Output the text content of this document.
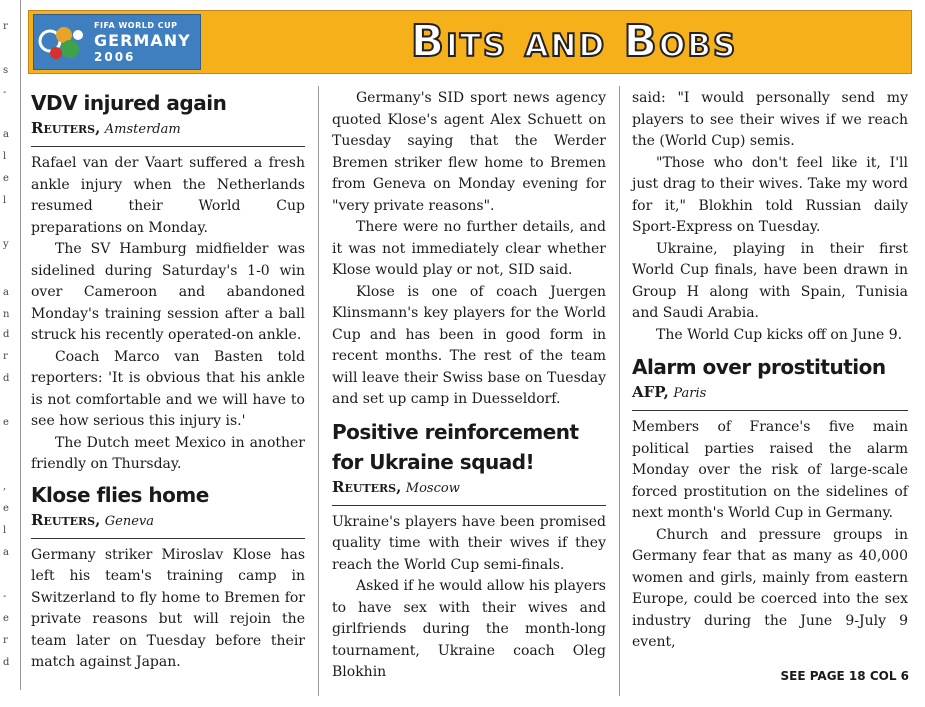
r
s
-
a
l
e
l
y
a
n
d
r
d
e
,
e
l
a
-
e
r
d
FIFA WORLD CUP
GERMANY
2006	Bits and Bobs
VDV injured again
Reuters, Amsterdam

Rafael van der Vaart suffered a fresh ankle injury when the Netherlands resumed their World Cup preparations on Monday.

The SV Hamburg midfielder was sidelined during Saturday's 1-0 win over Cameroon and abandoned Monday's training session after a ball struck his recently operated-on ankle.

Coach Marco van Basten told reporters: 'It is obvious that his ankle is not comfortable and we will have to see how serious this injury is.'

The Dutch meet Mexico in another friendly on Thursday.

Klose flies home
Reuters, Geneva

Germany striker Miroslav Klose has left his team's training camp in Switzerland to fly home to Bremen for private reasons but will rejoin the team later on Tuesday before their match against Japan.

Germany's SID sport news agency quoted Klose's agent Alex Schuett on Tuesday saying that the Werder Bremen striker flew home to Bremen from Geneva on Monday evening for "very private reasons".

There were no further details, and it was not immediately clear whether Klose would play or not, SID said.

Klose is one of coach Juergen Klinsmann's key players for the World Cup and has been in good form in recent months. The rest of the team will leave their Swiss base on Tuesday and set up camp in Duesseldorf.

Positive reinforcement for Ukraine squad!
Reuters, Moscow

Ukraine's players have been promised quality time with their wives if they reach the World Cup semi-finals.

Asked if he would allow his players to have sex with their wives and girlfriends during the month-long tournament, Ukraine coach Oleg Blokhin

said: "I would personally send my players to see their wives if we reach the (World Cup) semis.

"Those who don't feel like it, I'll just drag to their wives. Take my word for it," Blokhin told Russian daily Sport-Express on Tuesday.

Ukraine, playing in their first World Cup finals, have been drawn in Group H along with Spain, Tunisia and Saudi Arabia.

The World Cup kicks off on June 9.

Alarm over prostitution
AFP, Paris

Members of France's five main political parties raised the alarm Monday over the risk of large-scale forced prostitution on the sidelines of next month's World Cup in Germany.

Church and pressure groups in Germany fear that as many as 40,000 women and girls, mainly from eastern Europe, could be coerced into the sex industry during the June 9-July 9 event,

SEE PAGE 18 COL 6
